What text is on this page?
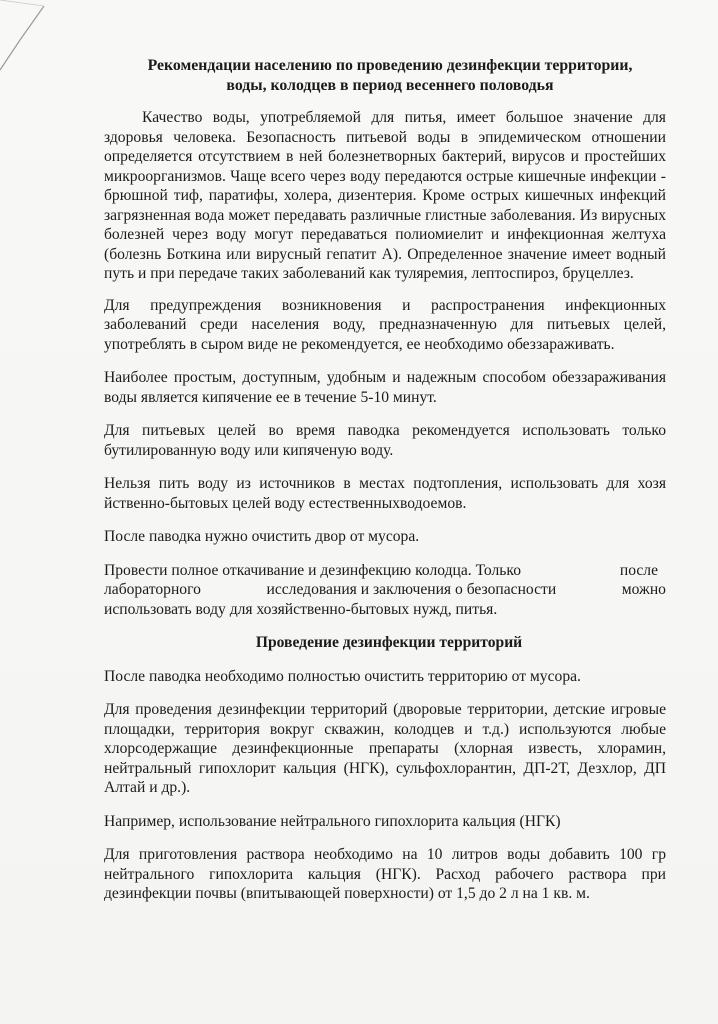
Рекомендации населению по проведению дезинфекции территории,
воды, колодцев в период весеннего половодья

Качество воды, употребляемой для питья, имеет большое значение для здоровья человека. Безопасность питьевой воды в эпидемическом отношении определяется отсутствием в ней болезнетворных бактерий, вирусов и простейших микроорганизмов. Чаще всего через воду передаются острые кишечные инфекции - брюшной тиф, паратифы, холера, дизентерия. Кроме острых кишечных инфекций загрязненная вода может передавать различные глистные заболевания. Из вирусных болезней через воду могут передаваться полиомиелит и инфекционная желтуха (болезнь Боткина или вирусный гепатит А). Определенное значение имеет водный путь и при передаче таких заболеваний как туляремия, лептоспироз, бруцеллез.

Для предупреждения возникновения и распространения инфекционных заболеваний среди населения воду, предназначенную для питьевых целей, употреблять в сыром виде не рекомендуется, ее необходимо обеззараживать.

Наиболее простым, доступным, удобным и надежным способом обеззараживания воды является кипячение ее в течение 5-10 минут.

Для питьевых целей во время паводка рекомендуется использовать только бутилированную воду или кипяченую воду.

Нельзя пить воду из источников в местах подтопления, использовать для хозя йственно-бытовых целей воду естественныхводоемов.

После паводка нужно очистить двор от мусора.

Провести полное откачивание и дезинфекцию колодца. Только	после
лабораторного	исследования и заключения о безопасности	можно
использовать воду для хозяйственно-бытовых нужд, питья.
Проведение дезинфекции территорий

После паводка необходимо полностью очистить территорию от мусора.

Для проведения дезинфекции территорий (дворовые территории, детские игровые площадки, территория вокруг скважин, колодцев и т.д.) используются любые хлорсодержащие дезинфекционные препараты (хлорная известь, хлорамин, нейтральный гипохлорит кальция (НГК), сульфохлорантин, ДП-2Т, Дезхлор, ДП Алтай и др.).

Например, использование нейтрального гипохлорита кальция (НГК)

Для приготовления раствора необходимо на 10 литров воды добавить 100 гр нейтрального гипохлорита кальция (НГК). Расход рабочего раствора при дезинфекции почвы (впитывающей поверхности) от 1,5 до 2 л на 1 кв. м.
